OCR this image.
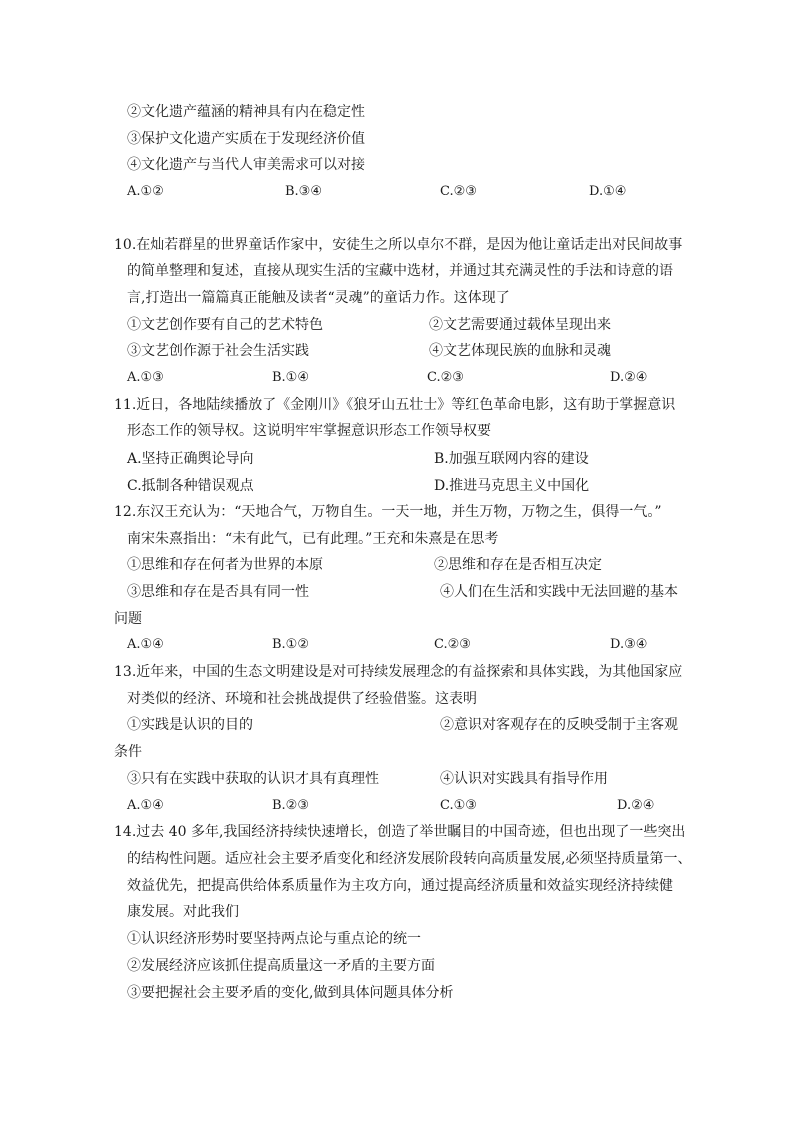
②文化遗产蕴涵的精神具有内在稳定性
③保护文化遗产实质在于发现经济价值
④文化遗产与当代人审美需求可以对接
A.①②	B.③④	C.②③	D.①④
10.在灿若群星的世界童话作家中，安徒生之所以卓尔不群，是因为他让童话走出对民间故事
的简单整理和复述，直接从现实生活的宝藏中选材，并通过其充满灵性的手法和诗意的语
言,打造出一篇篇真正能触及读者“灵魂”的童话力作。这体现了
①文艺创作要有自己的艺术特色	②文艺需要通过载体呈现出来
③文艺创作源于社会生活实践	④文艺体现民族的血脉和灵魂
A.①③	B.①④	C.②③	D.②④
11.近日，各地陆续播放了《金刚川》《狼牙山五壮士》等红色革命电影，这有助于掌握意识
形态工作的领导权。这说明牢牢掌握意识形态工作领导权要
A.坚持正确舆论导向	B.加强互联网内容的建设
C.抵制各种错误观点	D.推进马克思主义中国化
12.东汉王充认为：“天地合气，万物自生。一天一地，并生万物，万物之生，俱得一气。”
南宋朱熹指出：“未有此气，已有此理。”王充和朱熹是在思考
①思维和存在何者为世界的本原	②思维和存在是否相互决定
③思维和存在是否具有同一性	④人们在生活和实践中无法回避的基本
问题
A.①④	B.①②	C.②③	D.③④
13.近年来，中国的生态文明建设是对可持续发展理念的有益探索和具体实践，为其他国家应
对类似的经济、环境和社会挑战提供了经验借鉴。这表明
①实践是认识的目的	②意识对客观存在的反映受制于主客观
条件
③只有在实践中获取的认识才具有真理性	④认识对实践具有指导作用
A.①④	B.②③	C.①③	D.②④
14.过去 40 多年,我国经济持续快速增长，创造了举世瞩目的中国奇迹，但也出现了一些突出
的结构性问题。适应社会主要矛盾变化和经济发展阶段转向高质量发展,必须坚持质量第一、
效益优先，把提高供给体系质量作为主攻方向，通过提高经济质量和效益实现经济持续健
康发展。对此我们
①认识经济形势时要坚持两点论与重点论的统一
②发展经济应该抓住提高质量这一矛盾的主要方面
③要把握社会主要矛盾的变化,做到具体问题具体分析
